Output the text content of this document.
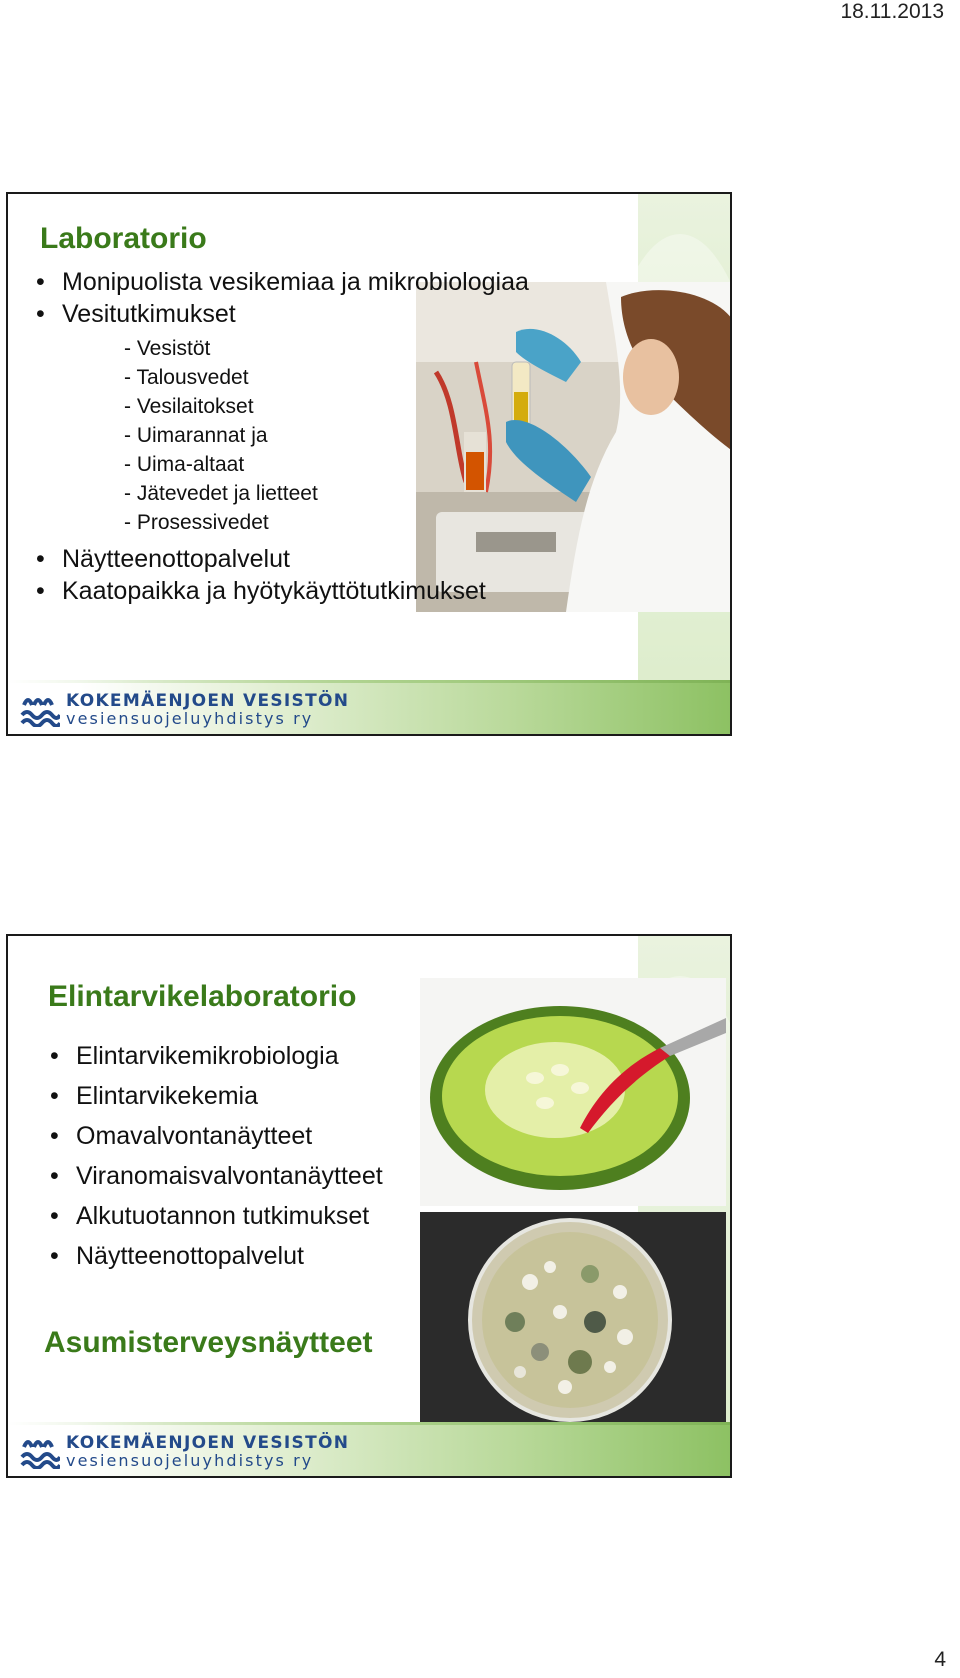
18.11.2013
Laboratorio
• Monipuolista vesikemiaa ja mikrobiologiaa
• Vesitutkimukset
- Vesistöt
- Talousvedet
- Vesilaitokset
- Uimarannat ja
- Uima-altaat
- Jätevedet ja lietteet
- Prosessivedet
• Näytteenottopalvelut
• Kaatopaikka ja hyötykäyttötutkimukset
KOKEMÄENJOEN VESISTÖN
vesiensuojeluyhdistys ry
Elintarvikelaboratorio
• Elintarvikemikrobiologia
• Elintarvikekemia
• Omavalvontanäytteet
• Viranomaisvalvontanäytteet
• Alkutuotannon tutkimukset
• Näytteenottopalvelut
Asumisterveysnäytteet
KOKEMÄENJOEN VESISTÖN
vesiensuojeluyhdistys ry
4
